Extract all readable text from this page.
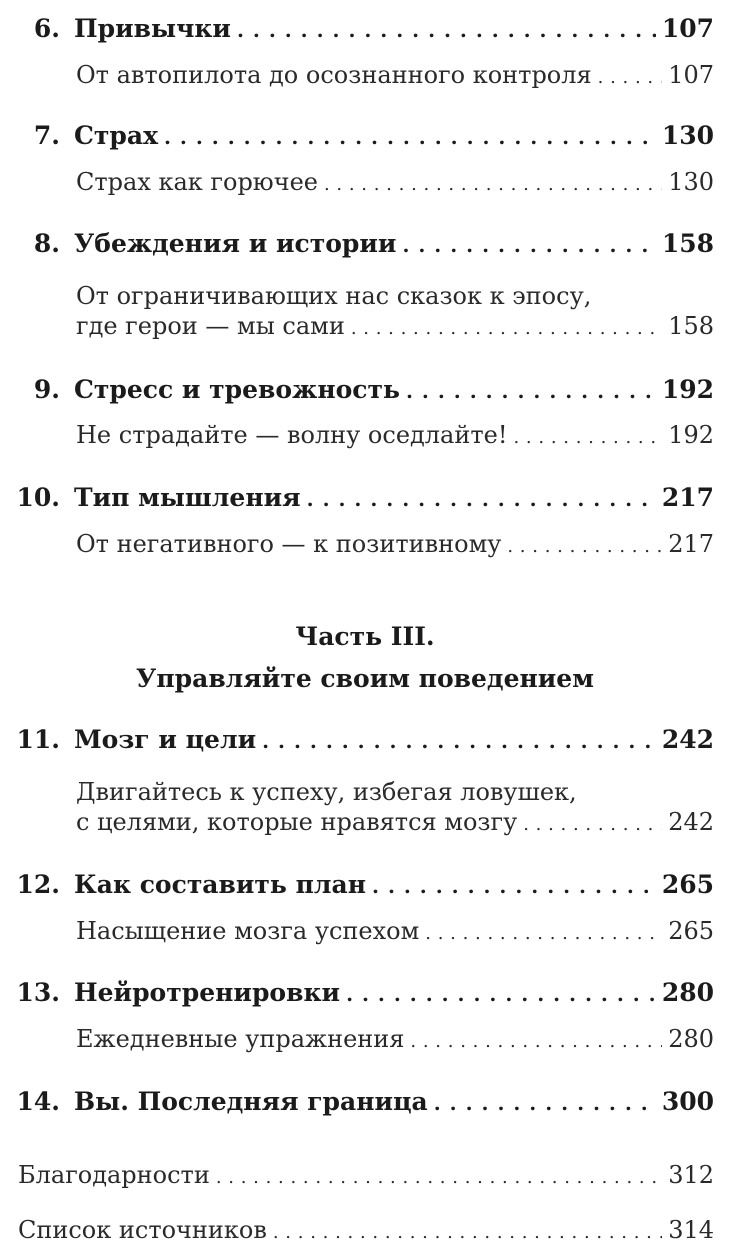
6. Привычки . . .	107
От автопилота до осознанного контроля . . .	107
7. Страх . . .	130
Страх как горючее . . .	130
8. Убеждения и истории . . .	158
От ограничивающих нас сказок к эпосу,
где герои — мы сами . . .	158
9. Стресс и тревожность . . .	192
Не страдайте — волну оседлайте! . . .	192
10. Тип мышления . . .	217
От негативного — к позитивному . . .	217
Часть III.
Управляйте своим поведением
11. Мозг и цели . . .	242
Двигайтесь к успеху, избегая ловушек,
с целями, которые нравятся мозгу . . .	242
12. Как составить план . . .	265
Насыщение мозга успехом . . .	265
13. Нейротренировки . . .	280
Ежедневные упражнения . . .	280
14. Вы. Последняя граница . . .	300
Благодарности . . .	312
Список источников . . .	314
